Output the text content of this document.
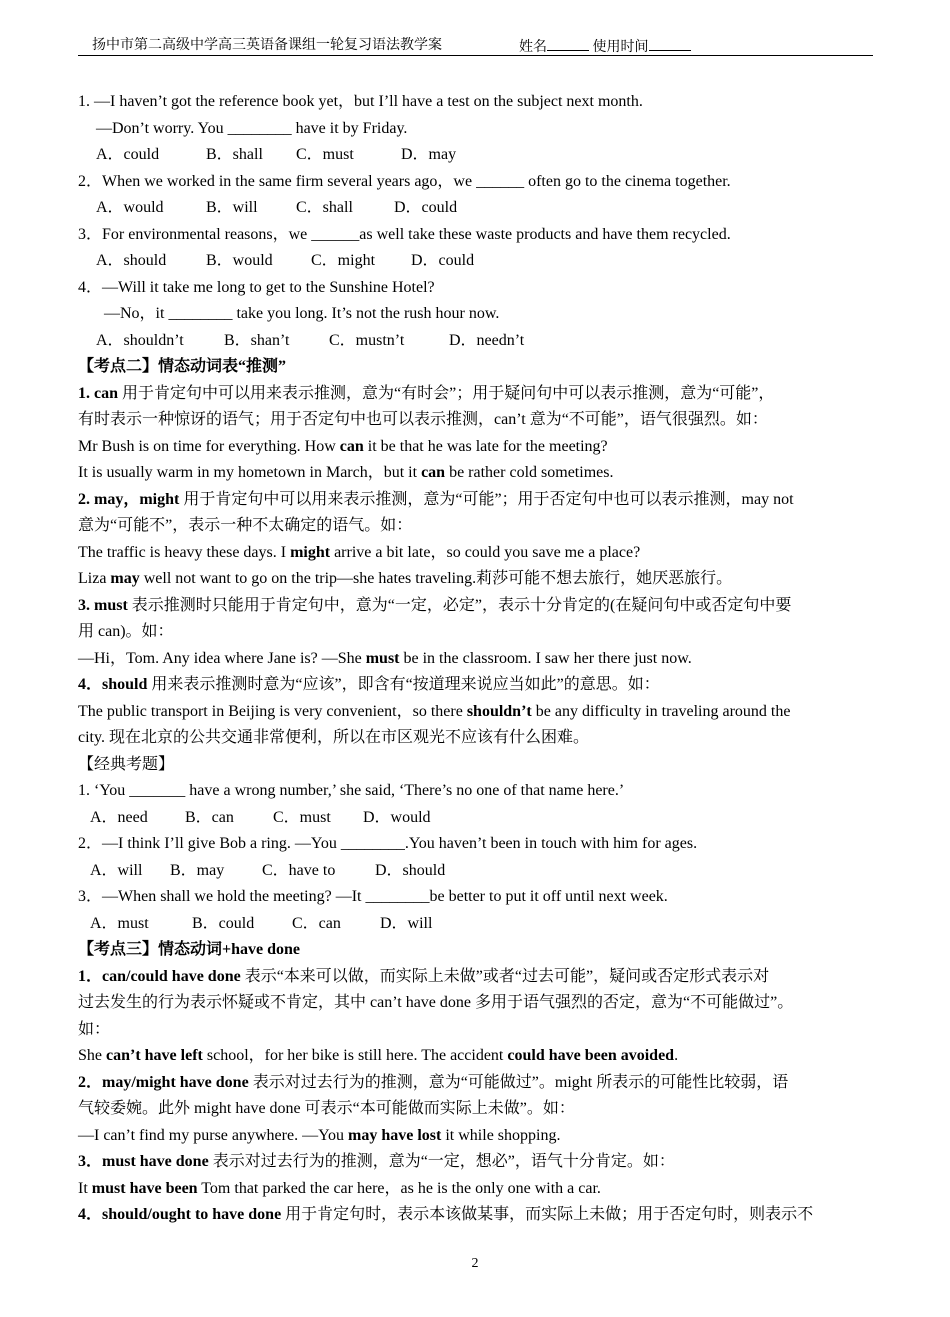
扬中市第二高级中学高三英语备课组一轮复习语法教学案	姓名	使用时间
1. —I haven’t got the reference book yet，but I’ll have a test on the subject next month.
—Don’t worry. You ________ have it by Friday.
A．could	B．shall C．must	D．may
2．When we worked in the same firm several years ago，we ______ often go to the cinema together.
A．would	B．will C．shall	D．could
3．For environmental reasons，we ______as well take these waste products and have them recycled.
A．should B．would C．might D．could
4．—Will it take me long to get to the Sunshine Hotel?
—No，it ________ take you long. It’s not the rush hour now.
A．shouldn’t	B．shan’t C．mustn’t	D．needn’t
【考点二】情态动词表“推测”
1. can 用于肯定句中可以用来表示推测，意为“有时会”；用于疑问句中可以表示推测，意为“可能”，
有时表示一种惊讶的语气；用于否定句中也可以表示推测，can’t 意为“不可能”，语气很强烈。如：
Mr Bush is on time for everything. How can it be that he was late for the meeting?
It is usually warm in my hometown in March，but it can be rather cold sometimes.
2. may，might 用于肯定句中可以用来表示推测，意为“可能”；用于否定句中也可以表示推测，may not
意为“可能不”，表示一种不太确定的语气。如：
The traffic is heavy these days. I might arrive a bit late，so could you save me a place?
Liza may well not want to go on the trip—she hates traveling.莉莎可能不想去旅行，她厌恶旅行。
3. must 表示推测时只能用于肯定句中，意为“一定，必定”，表示十分肯定的(在疑问句中或否定句中要
用 can)。如：
—Hi，Tom. Any idea where Jane is? —She must be in the classroom. I saw her there just now.
4．should 用来表示推测时意为“应该”，即含有“按道理来说应当如此”的意思。如：
The public transport in Beijing is very convenient，so there shouldn’t be any difficulty in traveling around the
city. 现在北京的公共交通非常便利，所以在市区观光不应该有什么困难。
【经典考题】
1. ‘You _______ have a wrong number,’ she said, ‘There’s no one of that name here.’
A．need B．can C．must D．would
2．—I think I’ll give Bob a ring. —You ________.You haven’t been in touch with him for ages.
A．will B．may C．have to D．should
3．—When shall we hold the meeting? —It ________be better to put it off until next week.
A．must	B．could C．can D．will
【考点三】情态动词+have done
1．can/could have done 表示“本来可以做，而实际上未做”或者“过去可能”，疑问或否定形式表示对
过去发生的行为表示怀疑或不肯定，其中 can’t have done 多用于语气强烈的否定，意为“不可能做过”。
如：
She can’t have left school，for her bike is still here. The accident could have been avoided.
2．may/might have done 表示对过去行为的推测，意为“可能做过”。might 所表示的可能性比较弱，语
气较委婉。此外 might have done 可表示“本可能做而实际上未做”。如：
—I can’t find my purse anywhere. —You may have lost it while shopping.
3．must have done 表示对过去行为的推测，意为“一定，想必”，语气十分肯定。如：
It must have been Tom that parked the car here，as he is the only one with a car.
4．should/ought to have done 用于肯定句时，表示本该做某事，而实际上未做；用于否定句时，则表示不
2
